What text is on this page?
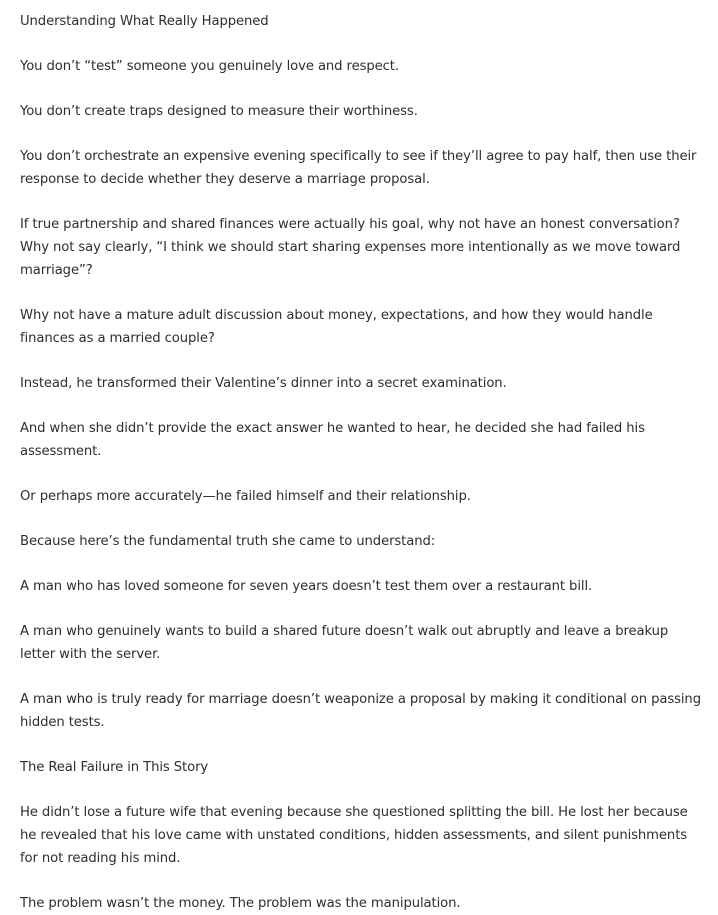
Understanding What Really Happened

You don’t “test” someone you genuinely love and respect.

You don’t create traps designed to measure their worthiness.

You don’t orchestrate an expensive evening specifically to see if they’ll agree to pay half, then use their response to decide whether they deserve a marriage proposal.

If true partnership and shared finances were actually his goal, why not have an honest conversation? Why not say clearly, “I think we should start sharing expenses more intentionally as we move toward marriage”?

Why not have a mature adult discussion about money, expectations, and how they would handle finances as a married couple?

Instead, he transformed their Valentine’s dinner into a secret examination.

And when she didn’t provide the exact answer he wanted to hear, he decided she had failed his assessment.

Or perhaps more accurately—he failed himself and their relationship.

Because here’s the fundamental truth she came to understand:

A man who has loved someone for seven years doesn’t test them over a restaurant bill.

A man who genuinely wants to build a shared future doesn’t walk out abruptly and leave a breakup letter with the server.

A man who is truly ready for marriage doesn’t weaponize a proposal by making it conditional on passing hidden tests.

The Real Failure in This Story

He didn’t lose a future wife that evening because she questioned splitting the bill. He lost her because he revealed that his love came with unstated conditions, hidden assessments, and silent punishments for not reading his mind.

The problem wasn’t the money. The problem was the manipulation.
